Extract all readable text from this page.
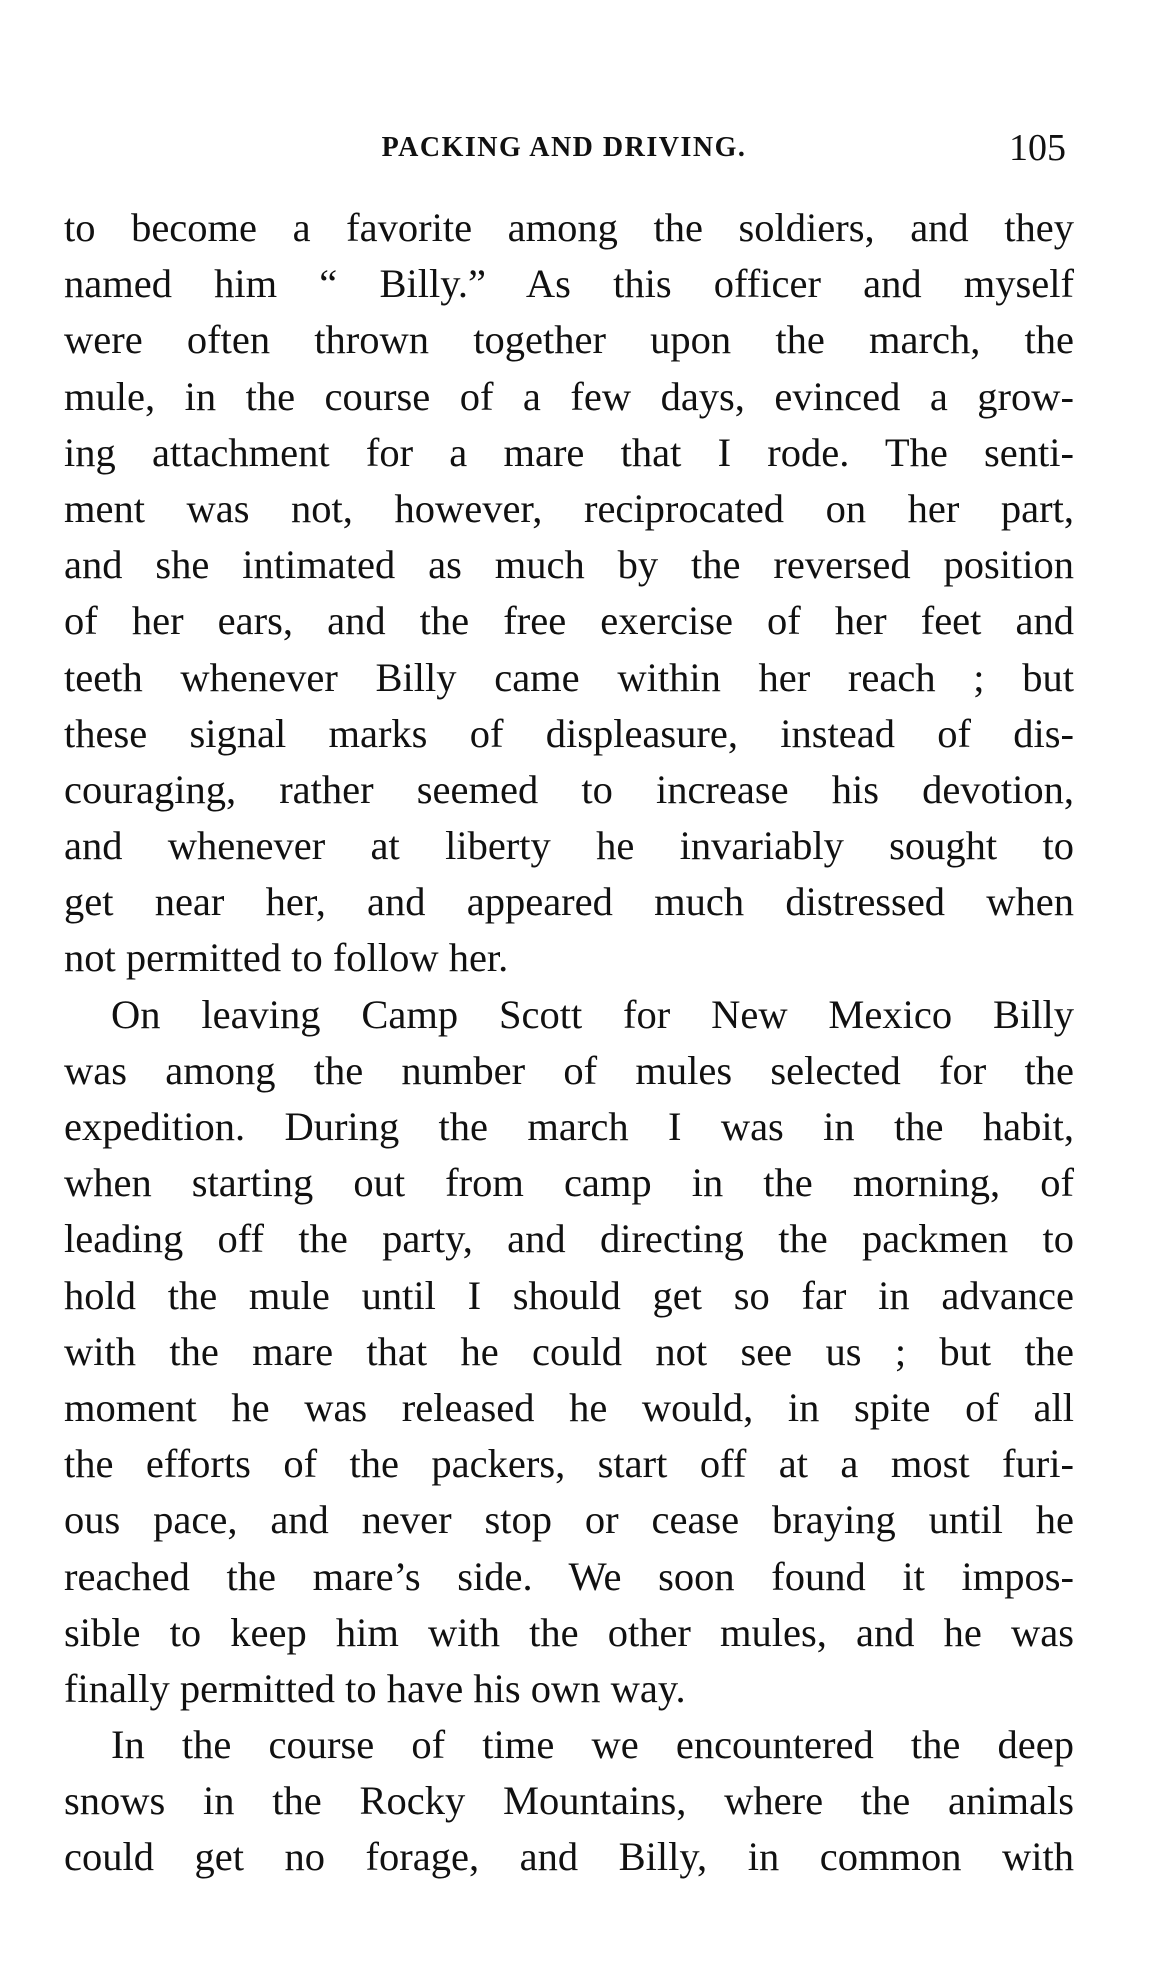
PACKING AND DRIVING.	105
to become a favorite among the soldiers, and they
named him “ Billy.” As this officer and myself
were often thrown together upon the march, the
mule, in the course of a few days, evinced a grow-
ing attachment for a mare that I rode. The senti-
ment was not, however, reciprocated on her part,
and she intimated as much by the reversed position
of her ears, and the free exercise of her feet and
teeth whenever Billy came within her reach ; but
these signal marks of displeasure, instead of dis-
couraging, rather seemed to increase his devotion,
and whenever at liberty he invariably sought to
get near her, and appeared much distressed when
not permitted to follow her.
On leaving Camp Scott for New Mexico Billy
was among the number of mules selected for the
expedition. During the march I was in the habit,
when starting out from camp in the morning, of
leading off the party, and directing the packmen to
hold the mule until I should get so far in advance
with the mare that he could not see us ; but the
moment he was released he would, in spite of all
the efforts of the packers, start off at a most furi-
ous pace, and never stop or cease braying until he
reached the mare’s side. We soon found it impos-
sible to keep him with the other mules, and he was
finally permitted to have his own way.
In the course of time we encountered the deep
snows in the Rocky Mountains, where the animals
could get no forage, and Billy, in common with
